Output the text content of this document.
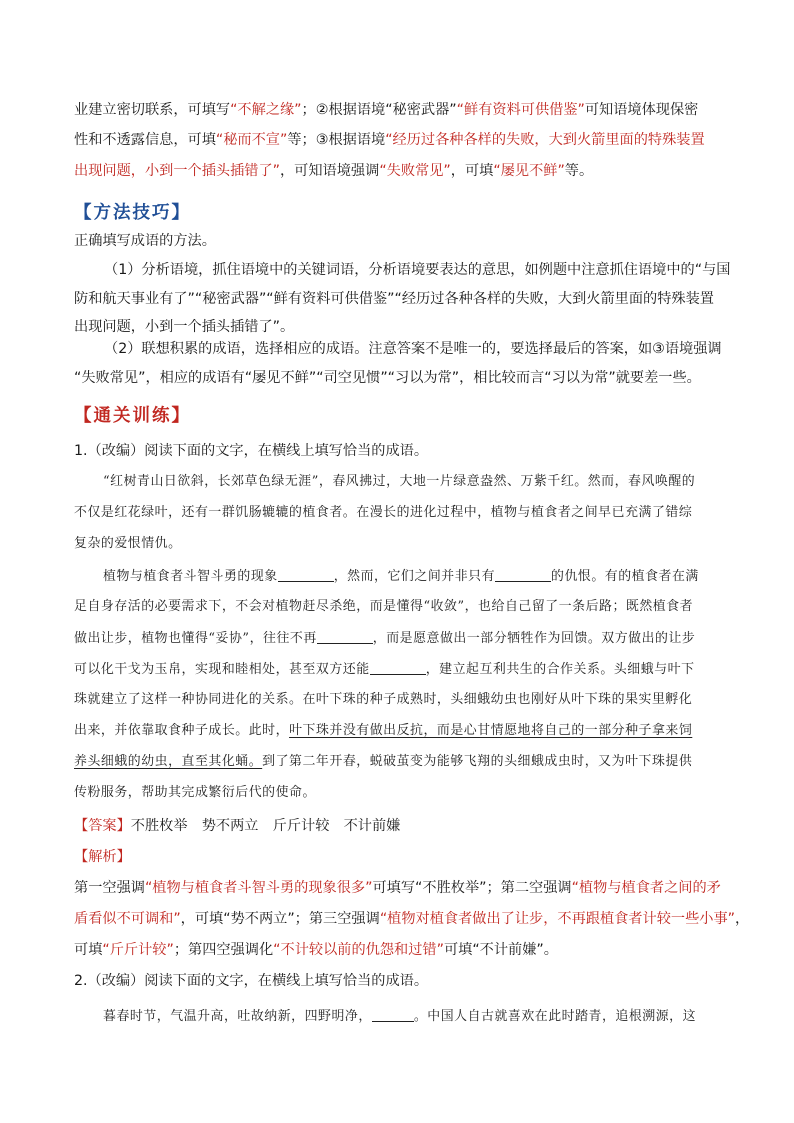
业建立密切联系，可填写“不解之缘”；②根据语境“秘密武器”“鲜有资料可供借鉴”可知语境体现保密
性和不透露信息，可填“秘而不宣”等；③根据语境“经历过各种各样的失败，大到火箭里面的特殊装置
出现问题，小到一个插头插错了”，可知语境强调“失败常见”，可填“屡见不鲜”等。
【方法技巧】
正确填写成语的方法。
（1）分析语境，抓住语境中的关键词语，分析语境要表达的意思，如例题中注意抓住语境中的“与国
防和航天事业有了”“秘密武器”“鲜有资料可供借鉴”“经历过各种各样的失败，大到火箭里面的特殊装置
出现问题，小到一个插头插错了”。
（2）联想积累的成语，选择相应的成语。注意答案不是唯一的，要选择最后的答案，如③语境强调
“失败常见”，相应的成语有“屡见不鲜”“司空见惯”“习以为常”，相比较而言“习以为常”就要差一些。
【通关训练】
1.（改编）阅读下面的文字，在横线上填写恰当的成语。
“红树青山日欲斜，长郊草色绿无涯”，春风拂过，大地一片绿意盎然、万紫千红。然而，春风唤醒的
不仅是红花绿叶，还有一群饥肠辘辘的植食者。在漫长的进化过程中，植物与植食者之间早已充满了错综
复杂的爱恨情仇。
植物与植食者斗智斗勇的现象	，然而，它们之间并非只有	的仇恨。有的植食者在满
足自身存活的必要需求下，不会对植物赶尽杀绝，而是懂得“收敛”，也给自己留了一条后路；既然植食者
做出让步，植物也懂得“妥协”，往往不再	，而是愿意做出一部分牺牲作为回馈。双方做出的让步
可以化干戈为玉帛，实现和睦相处，甚至双方还能	，建立起互利共生的合作关系。头细蛾与叶下
珠就建立了这样一种协同进化的关系。在叶下珠的种子成熟时，头细蛾幼虫也刚好从叶下珠的果实里孵化
出来，并依靠取食种子成长。此时，叶下珠并没有做出反抗，而是心甘情愿地将自己的一部分种子拿来饲
养头细蛾的幼虫，直至其化蛹。到了第二年开春，蜕破茧变为能够飞翔的头细蛾成虫时，又为叶下珠提供
传粉服务，帮助其完成繁衍后代的使命。
【答案】不胜枚举　势不两立　斤斤计较　不计前嫌
【解析】
第一空强调“植物与植食者斗智斗勇的现象很多”可填写“不胜枚举”；第二空强调“植物与植食者之间的矛
盾看似不可调和”，可填“势不两立”；第三空强调“植物对植食者做出了让步，不再跟植食者计较一些小事”，
可填“斤斤计较”；第四空强调化“不计较以前的仇怨和过错”可填“不计前嫌”。
2.（改编）阅读下面的文字，在横线上填写恰当的成语。
暮春时节，气温升高，吐故纳新，四野明净，	。中国人自古就喜欢在此时踏青，追根溯源，这
